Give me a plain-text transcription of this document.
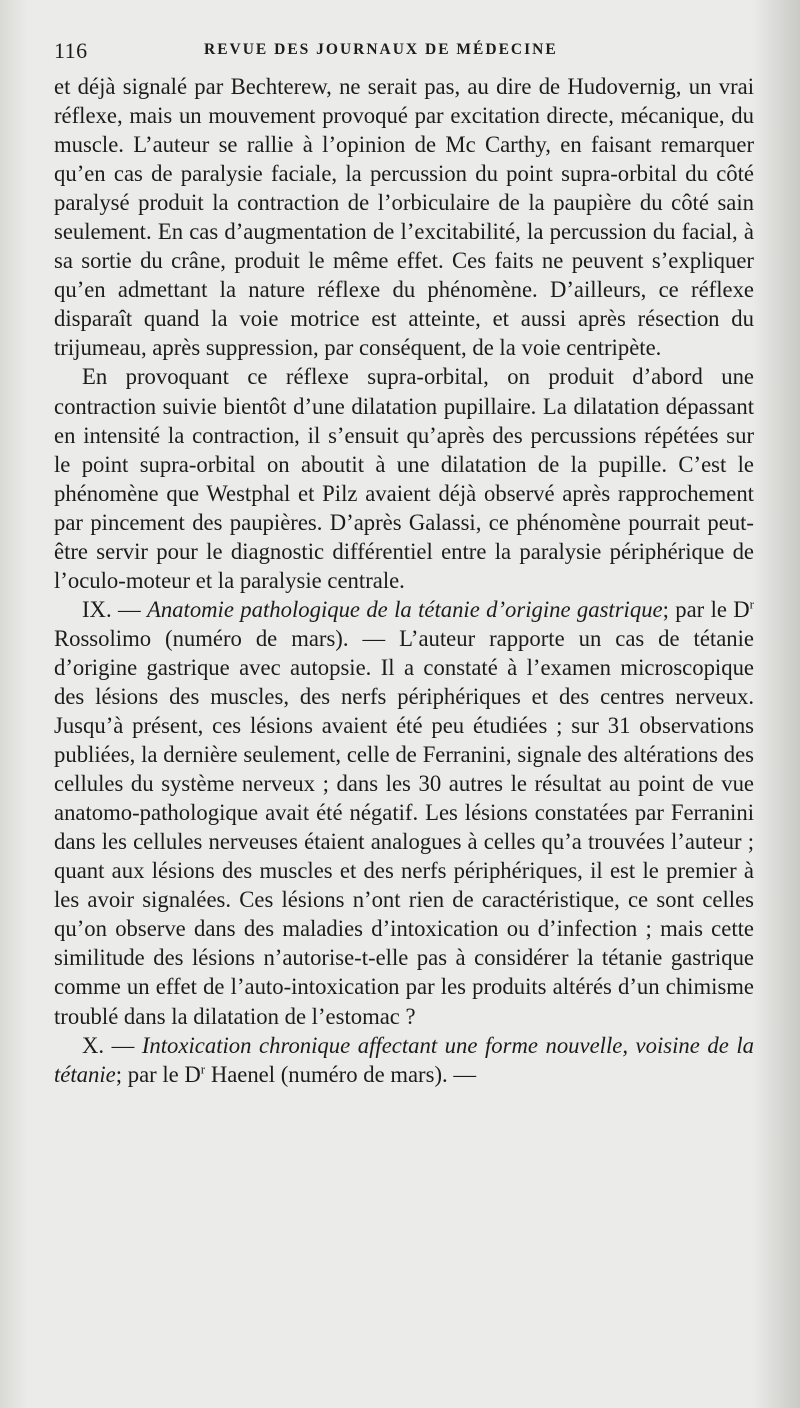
116	REVUE DES JOURNAUX DE MÉDECINE

et déjà signalé par Bechterew, ne serait pas, au dire de Hudovernig, un vrai réflexe, mais un mouvement provoqué par excitation directe, mécanique, du muscle. L’auteur se rallie à l’opinion de Mc Carthy, en faisant remarquer qu’en cas de paralysie faciale, la percussion du point supra-orbital du côté paralysé produit la contraction de l’orbiculaire de la paupière du côté sain seulement. En cas d’augmentation de l’excitabilité, la percussion du facial, à sa sortie du crâne, produit le même effet. Ces faits ne peuvent s’expliquer qu’en admettant la nature réflexe du phénomène. D’ailleurs, ce réflexe disparaît quand la voie motrice est atteinte, et aussi après résection du trijumeau, après suppression, par conséquent, de la voie centripète.

En provoquant ce réflexe supra-orbital, on produit d’abord une contraction suivie bientôt d’une dilatation pupillaire. La dilatation dépassant en intensité la contraction, il s’ensuit qu’après des percussions répétées sur le point supra-orbital on aboutit à une dilatation de la pupille. C’est le phénomène que Westphal et Pilz avaient déjà observé après rapprochement par pincement des paupières. D’après Galassi, ce phénomène pourrait peut-être servir pour le diagnostic différentiel entre la paralysie périphérique de l’oculo-moteur et la paralysie centrale.

IX. — Anatomie pathologique de la tétanie d’origine gastrique; par le $D^r$ Rossolimo (numéro de mars). — L’auteur rapporte un cas de tétanie d’origine gastrique avec autopsie. Il a constaté à l’examen microscopique des lésions des muscles, des nerfs périphériques et des centres nerveux. Jusqu’à présent, ces lésions avaient été peu étudiées ; sur 31 observations publiées, la dernière seulement, celle de Ferranini, signale des altérations des cellules du système nerveux ; dans les 30 autres le résultat au point de vue anatomo-pathologique avait été négatif. Les lésions constatées par Ferranini dans les cellules nerveuses étaient analogues à celles qu’a trouvées l’auteur ; quant aux lésions des muscles et des nerfs périphériques, il est le premier à les avoir signalées. Ces lésions n’ont rien de caractéristique, ce sont celles qu’on observe dans des maladies d’intoxication ou d’infection ; mais cette similitude des lésions n’autorise-t-elle pas à considérer la tétanie gastrique comme un effet de l’auto-intoxication par les produits altérés d’un chimisme troublé dans la dilatation de l’estomac ?

X. — Intoxication chronique affectant une forme nouvelle, voisine de la tétanie; par le $D^r$ Haenel (numéro de mars). —
